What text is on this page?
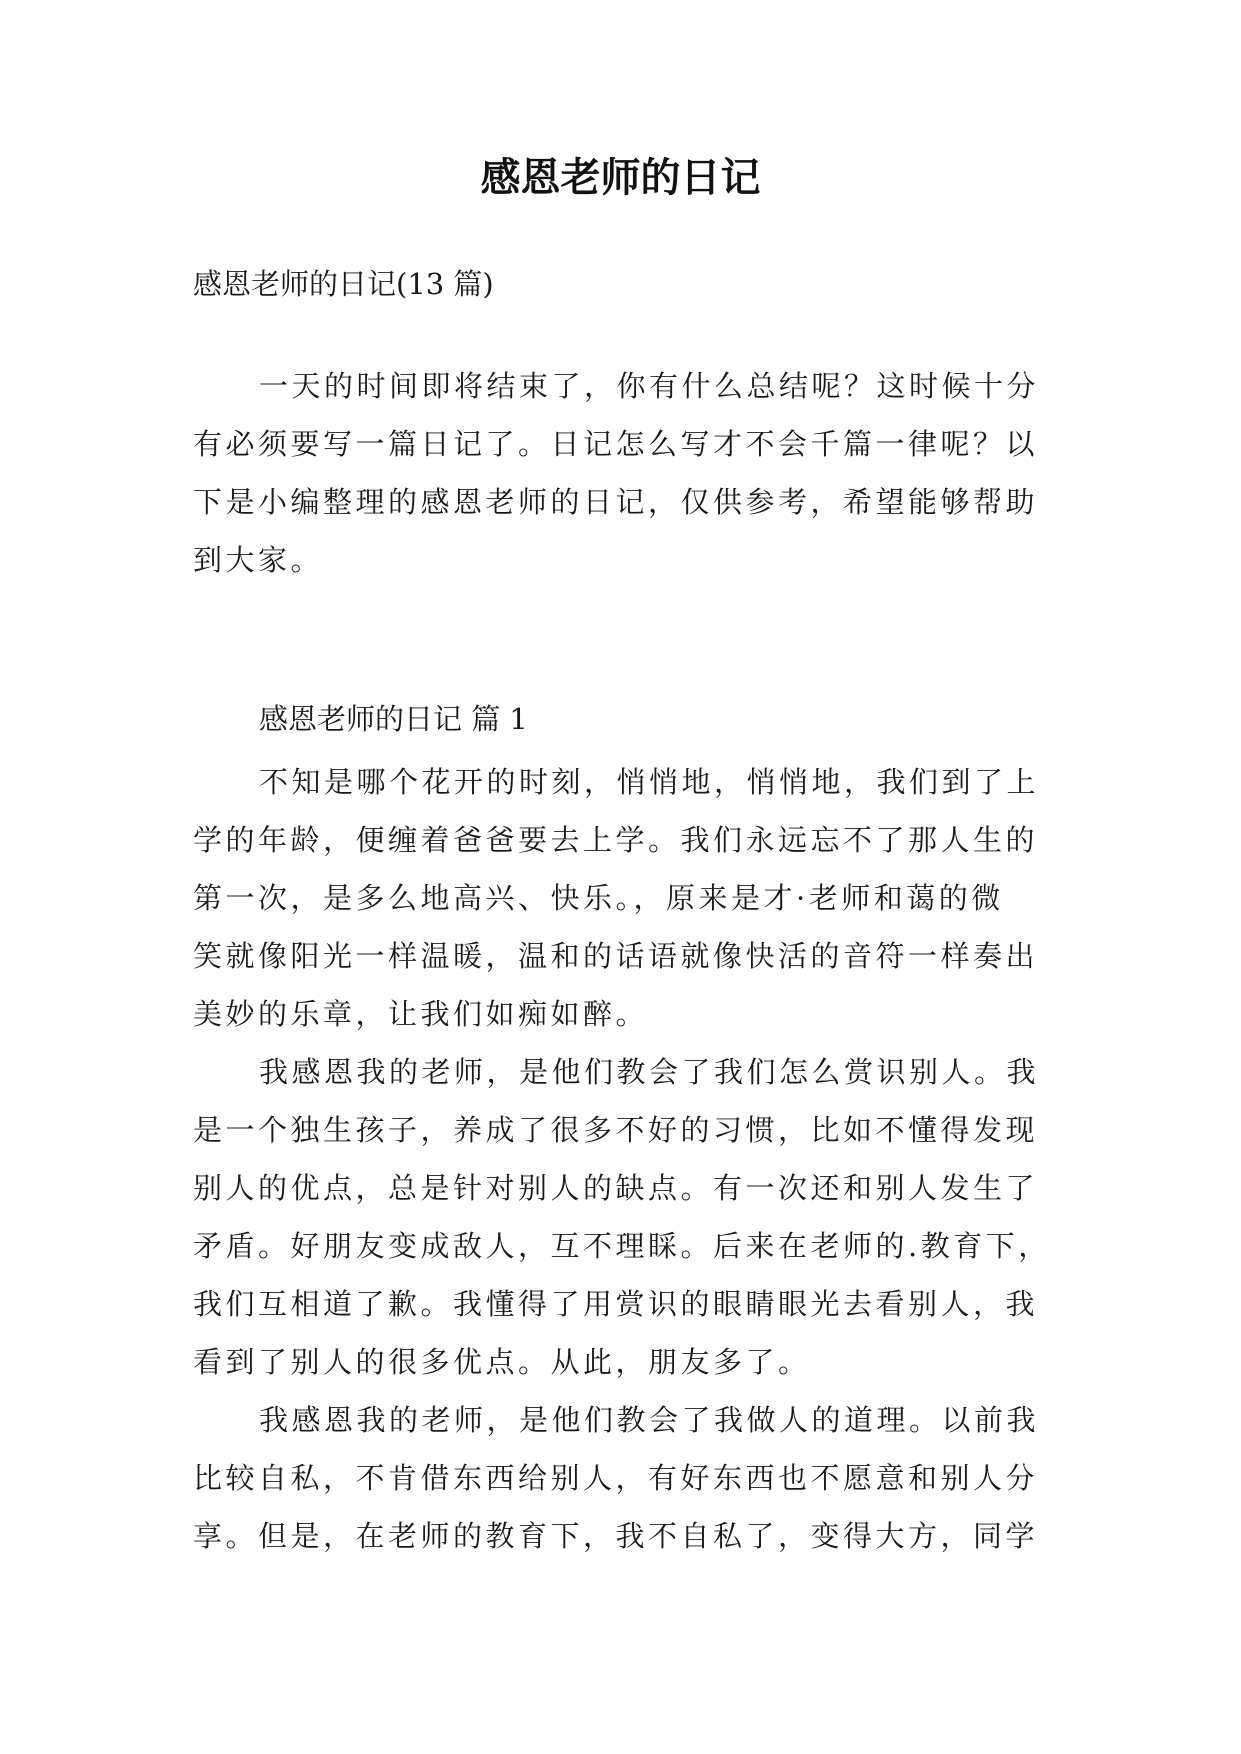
感恩老师的日记

感恩老师的日记(13 篇)

一天的时间即将结束了，你有什么总结呢？这时候十分
有必须要写一篇日记了。日记怎么写才不会千篇一律呢？以
下是小编整理的感恩老师的日记，仅供参考，希望能够帮助
到大家。

感恩老师的日记 篇 1

不知是哪个花开的时刻，悄悄地，悄悄地，我们到了上
学的年龄，便缠着爸爸要去上学。我们永远忘不了那人生的
第一次，是多么地高兴、快乐。，原来是才·老师和蔼的微
笑就像阳光一样温暖，温和的话语就像快活的音符一样奏出
美妙的乐章，让我们如痴如醉。
我感恩我的老师，是他们教会了我们怎么赏识别人。我
是一个独生孩子，养成了很多不好的习惯，比如不懂得发现
别人的优点，总是针对别人的缺点。有一次还和别人发生了
矛盾。好朋友变成敌人，互不理睬。后来在老师的.教育下，
我们互相道了歉。我懂得了用赏识的眼睛眼光去看别人，我
看到了别人的很多优点。从此，朋友多了。
我感恩我的老师，是他们教会了我做人的道理。以前我
比较自私，不肯借东西给别人，有好东西也不愿意和别人分
享。但是，在老师的教育下，我不自私了，变得大方，同学
